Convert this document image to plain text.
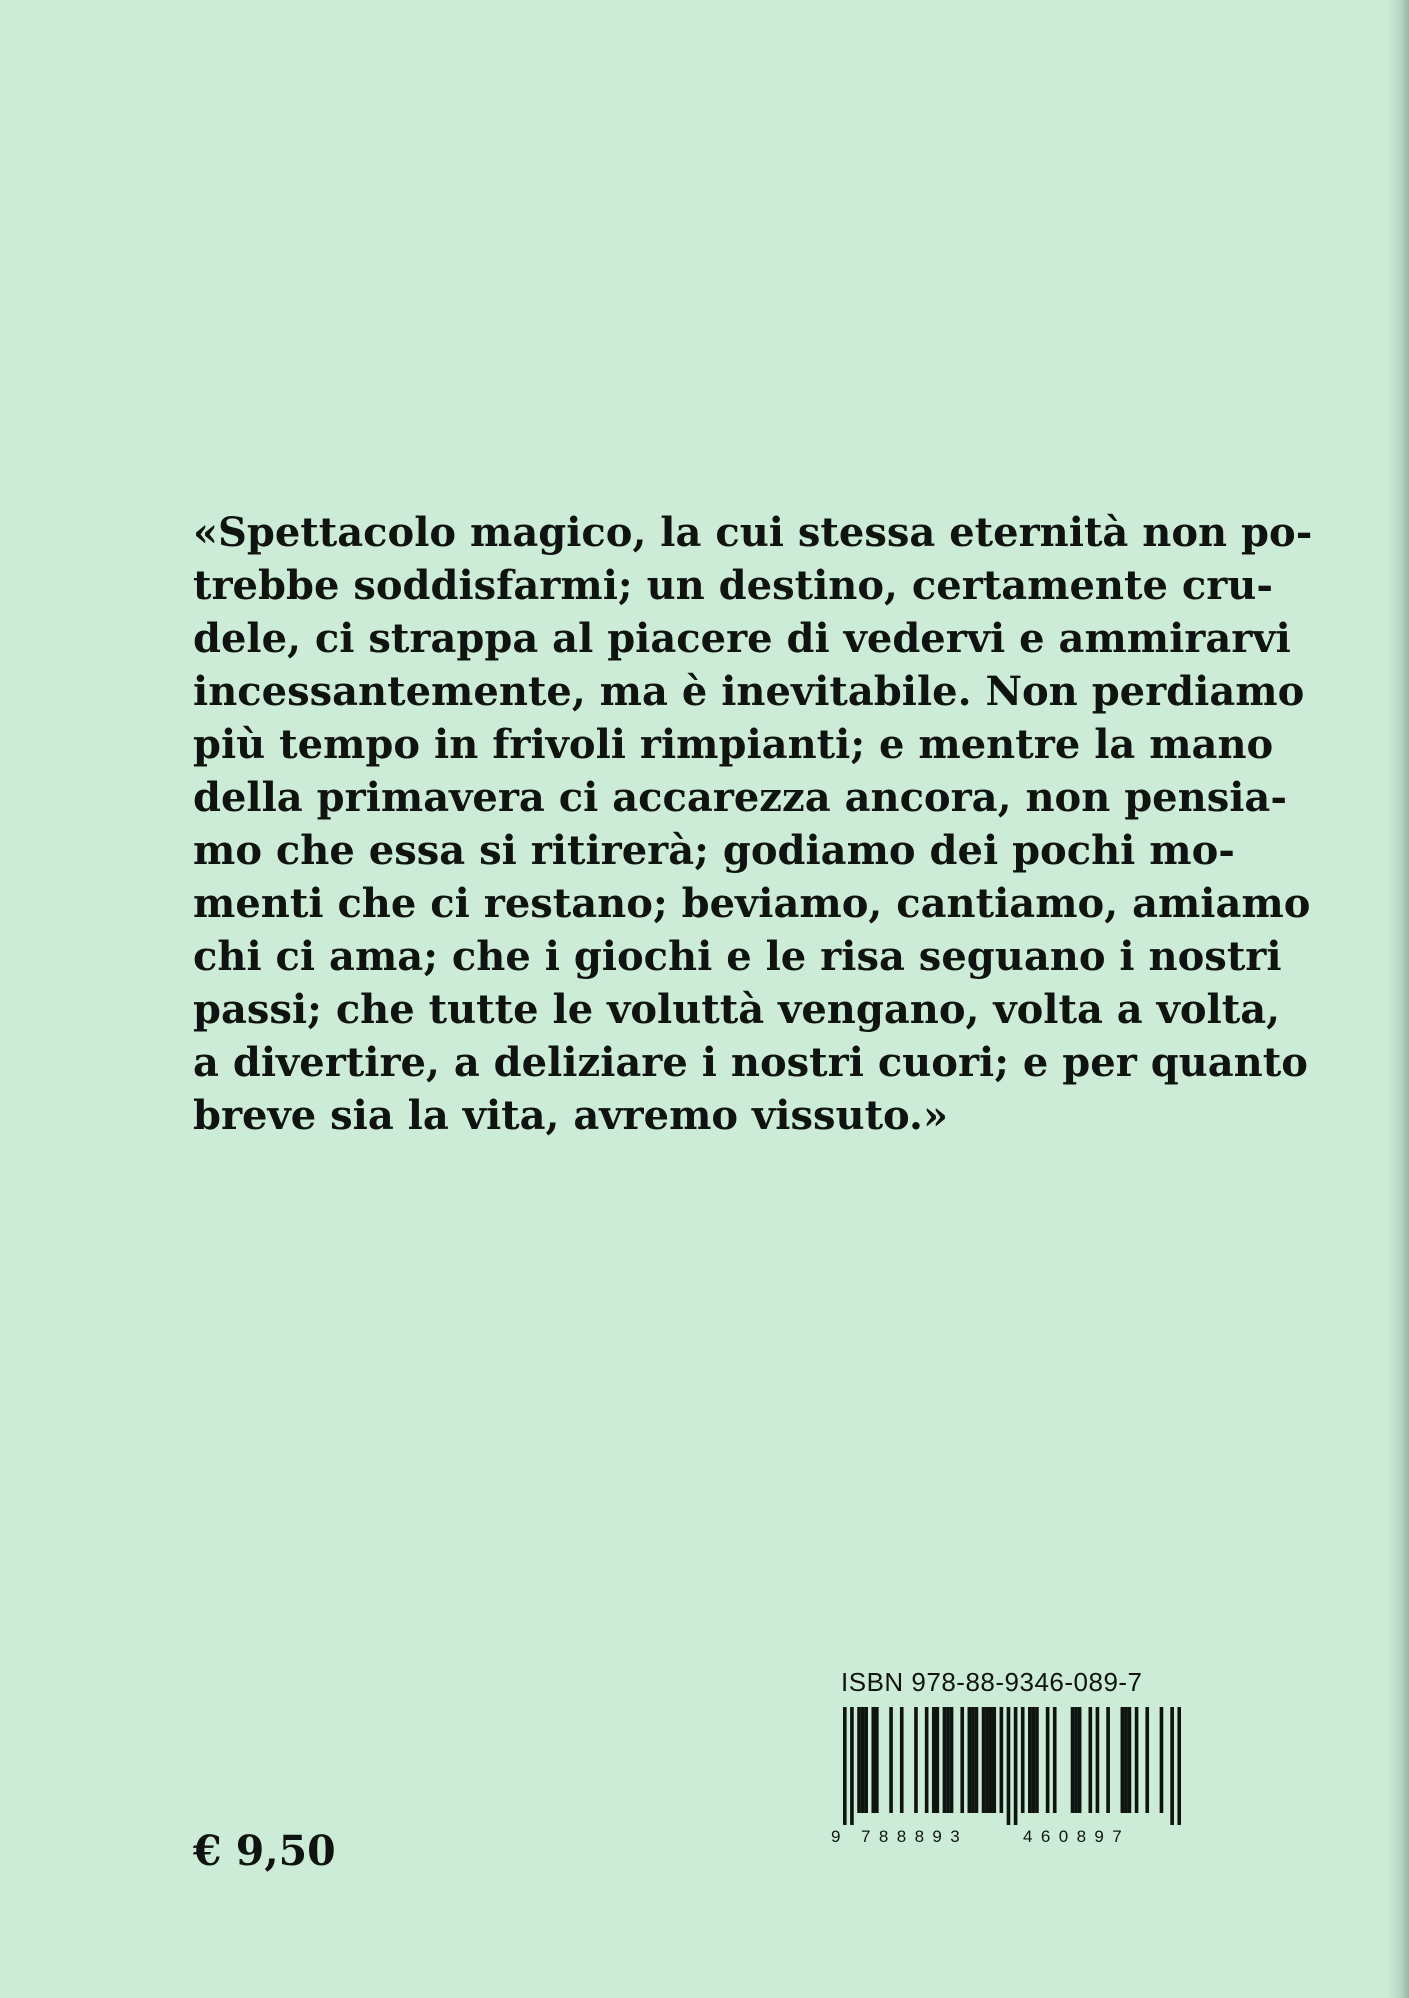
«Spettacolo magico, la cui stessa eternità non po-
trebbe soddisfarmi; un destino, certamente cru-
dele, ci strappa al piacere di vedervi e ammirarvi
incessantemente, ma è inevitabile. Non perdiamo
più tempo in frivoli rimpianti; e mentre la mano
della primavera ci accarezza ancora, non pensia-
mo che essa si ritirerà; godiamo dei pochi mo-
menti che ci restano; beviamo, cantiamo, amiamo
chi ci ama; che i giochi e le risa seguano i nostri
passi; che tutte le voluttà vengano, volta a volta,
a divertire, a deliziare i nostri cuori; e per quanto
breve sia la vita, avremo vissuto.»
€ 9,50
ISBN 978-88-9346-089-7
9 788893	460897
